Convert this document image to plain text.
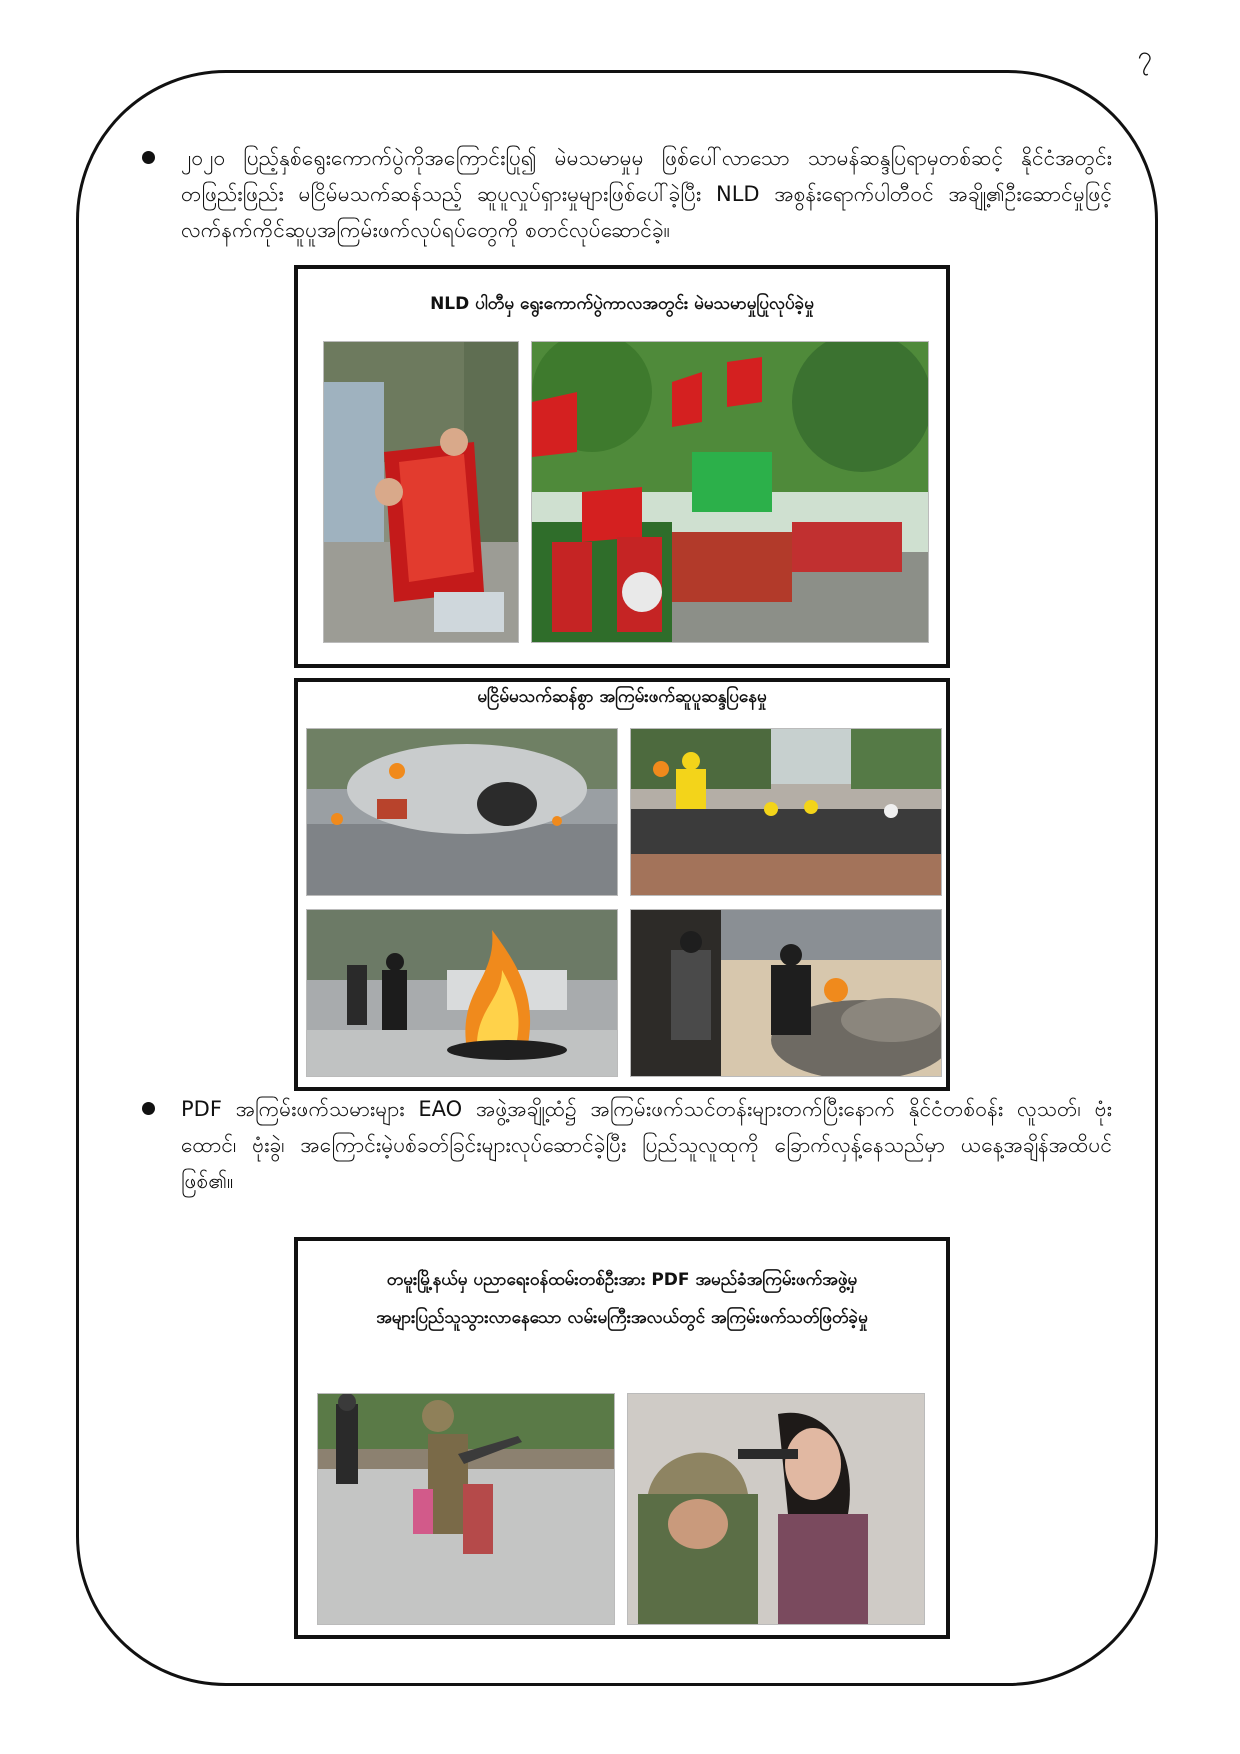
၇
၂၀၂၀ ပြည့်နှစ်ရွေးကောက်ပွဲကိုအကြောင်းပြု၍ မဲမသမာမှုမှ ဖြစ်ပေါ်လာသော သာမန်ဆန္ဒပြရာမှတစ်ဆင့် နိုင်ငံအတွင်း တဖြည်းဖြည်း မငြိမ်မသက်ဆန်သည့် ဆူပူလှုပ်ရှားမှုများဖြစ်ပေါ်ခဲ့ပြီး NLD အစွန်းရောက်ပါတီဝင် အချို့၏ဦးဆောင်မှုဖြင့် လက်နက်ကိုင်ဆူပူအကြမ်းဖက်လုပ်ရပ်တွေကို စတင်လုပ်ဆောင်ခဲ့။
NLD ပါတီမှ ရွေးကောက်ပွဲကာလအတွင်း မဲမသမာမှုပြုလုပ်ခဲ့မှု
မငြိမ်မသက်ဆန်စွာ အကြမ်းဖက်ဆူပူဆန္ဒပြနေမှု
PDF အကြမ်းဖက်သမားများ EAO အဖွဲ့အချို့ထံ၌ အကြမ်းဖက်သင်တန်းများတက်ပြီးနောက် နိုင်ငံတစ်ဝန်း လူသတ်၊ ဗုံးထောင်၊ ဗုံးခွဲ၊ အကြောင်းမဲ့ပစ်ခတ်ခြင်းများလုပ်ဆောင်ခဲ့ပြီး ပြည်သူလူထုကို ခြောက်လှန့်နေသည်မှာ ယနေ့အချိန်အထိပင်ဖြစ်၏။
တမူးမြို့နယ်မှ ပညာရေးဝန်ထမ်းတစ်ဦးအား PDF အမည်ခံအကြမ်းဖက်အဖွဲ့မှ
အများပြည်သူသွားလာနေသော လမ်းမကြီးအလယ်တွင် အကြမ်းဖက်သတ်ဖြတ်ခဲ့မှု
